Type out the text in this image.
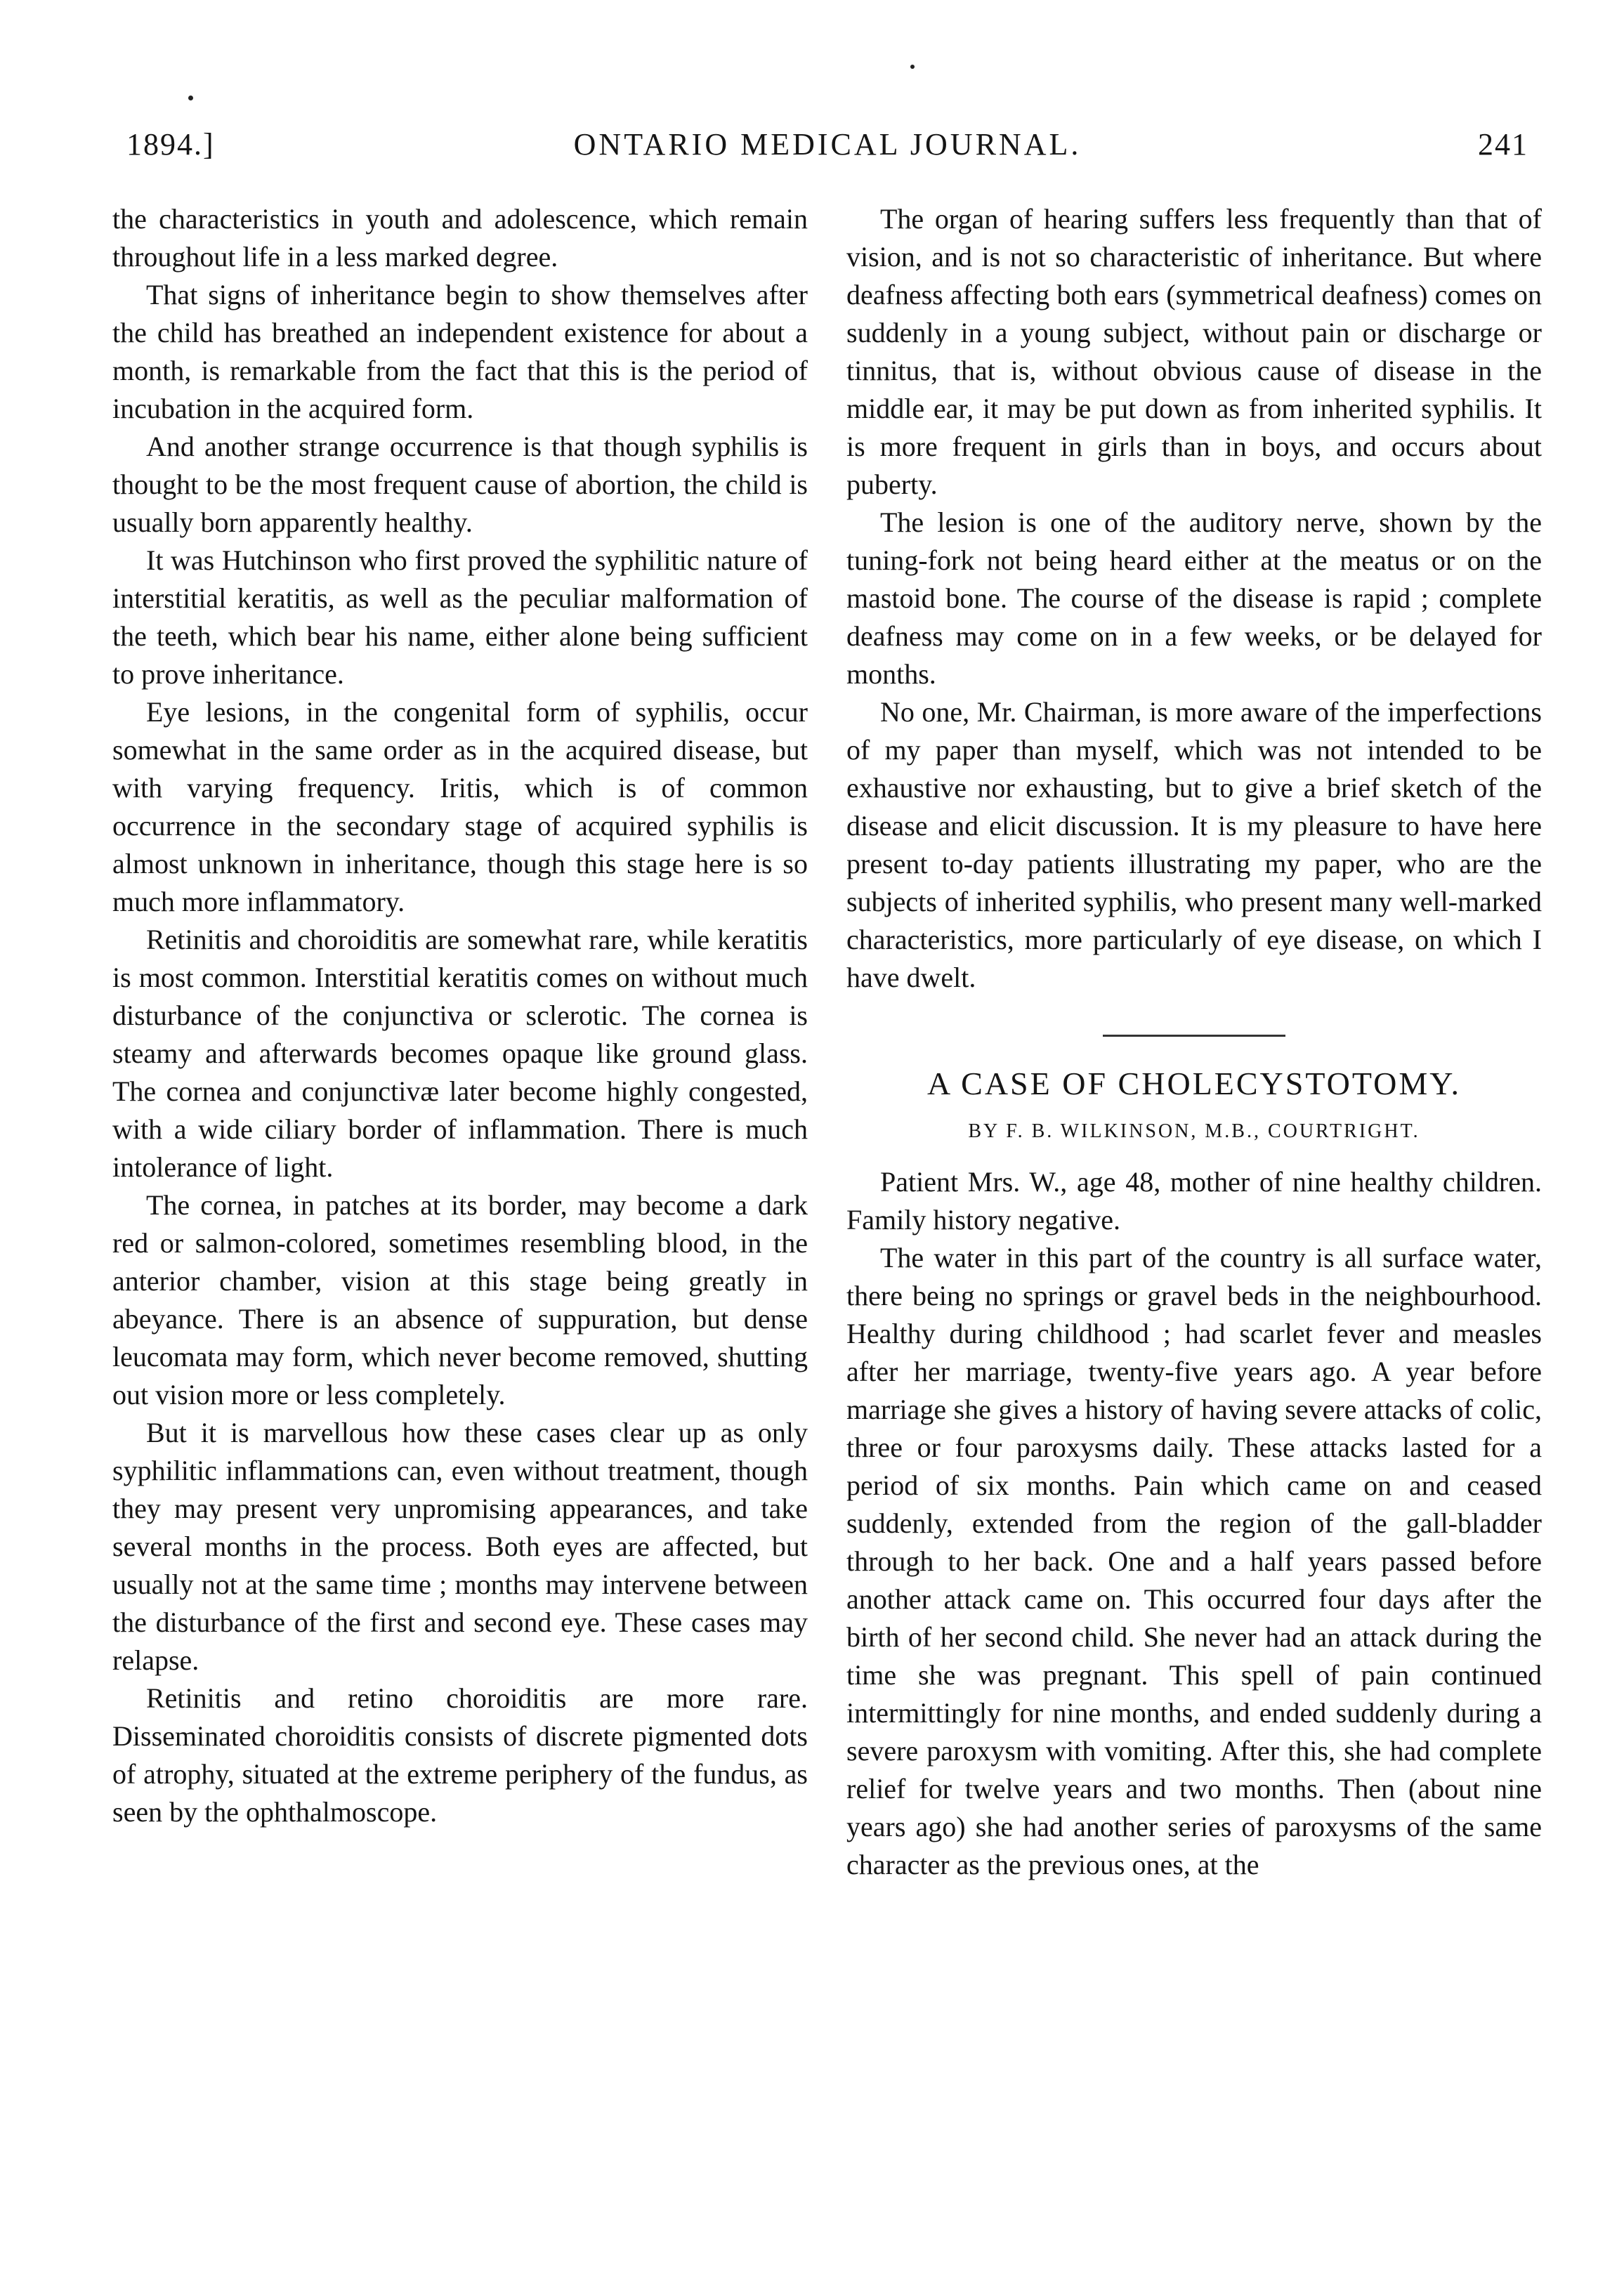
1894.]	ONTARIO MEDICAL JOURNAL.	241

the characteristics in youth and adolescence, which remain throughout life in a less marked degree.

That signs of inheritance begin to show themselves after the child has breathed an independent existence for about a month, is remarkable from the fact that this is the period of incubation in the acquired form.

And another strange occurrence is that though syphilis is thought to be the most frequent cause of abortion, the child is usually born apparently healthy.

It was Hutchinson who first proved the syphilitic nature of interstitial keratitis, as well as the peculiar malformation of the teeth, which bear his name, either alone being sufficient to prove inheritance.

Eye lesions, in the congenital form of syphilis, occur somewhat in the same order as in the acquired disease, but with varying frequency. Iritis, which is of common occurrence in the secondary stage of acquired syphilis is almost unknown in inheritance, though this stage here is so much more inflammatory.

Retinitis and choroiditis are somewhat rare, while keratitis is most common. Interstitial keratitis comes on without much disturbance of the conjunctiva or sclerotic. The cornea is steamy and afterwards becomes opaque like ground glass. The cornea and conjunctivæ later become highly congested, with a wide ciliary border of inflammation. There is much intolerance of light.

The cornea, in patches at its border, may become a dark red or salmon-colored, sometimes resembling blood, in the anterior chamber, vision at this stage being greatly in abeyance. There is an absence of suppuration, but dense leucomata may form, which never become removed, shutting out vision more or less completely.

But it is marvellous how these cases clear up as only syphilitic inflammations can, even without treatment, though they may present very unpromising appearances, and take several months in the process. Both eyes are affected, but usually not at the same time ; months may intervene between the disturbance of the first and second eye. These cases may relapse.

Retinitis and retino choroiditis are more rare. Disseminated choroiditis consists of discrete pigmented dots of atrophy, situated at the extreme periphery of the fundus, as seen by the ophthalmoscope.

The organ of hearing suffers less frequently than that of vision, and is not so characteristic of inheritance. But where deafness affecting both ears (symmetrical deafness) comes on suddenly in a young subject, without pain or discharge or tinnitus, that is, without obvious cause of disease in the middle ear, it may be put down as from inherited syphilis. It is more frequent in girls than in boys, and occurs about puberty.

The lesion is one of the auditory nerve, shown by the tuning-fork not being heard either at the meatus or on the mastoid bone. The course of the disease is rapid ; complete deafness may come on in a few weeks, or be delayed for months.

No one, Mr. Chairman, is more aware of the imperfections of my paper than myself, which was not intended to be exhaustive nor exhausting, but to give a brief sketch of the disease and elicit discussion. It is my pleasure to have here present to-day patients illustrating my paper, who are the subjects of inherited syphilis, who present many well-marked characteristics, more particularly of eye disease, on which I have dwelt.

A CASE OF CHOLECYSTOTOMY.
BY F. B. WILKINSON, M.B., COURTRIGHT.

Patient Mrs. W., age 48, mother of nine healthy children. Family history negative.

The water in this part of the country is all surface water, there being no springs or gravel beds in the neighbourhood. Healthy during childhood ; had scarlet fever and measles after her marriage, twenty-five years ago. A year before marriage she gives a history of having severe attacks of colic, three or four paroxysms daily. These attacks lasted for a period of six months. Pain which came on and ceased suddenly, extended from the region of the gall-bladder through to her back. One and a half years passed before another attack came on. This occurred four days after the birth of her second child. She never had an attack during the time she was pregnant. This spell of pain continued intermittingly for nine months, and ended suddenly during a severe paroxysm with vomiting. After this, she had complete relief for twelve years and two months. Then (about nine years ago) she had another series of paroxysms of the same character as the previous ones, at the
